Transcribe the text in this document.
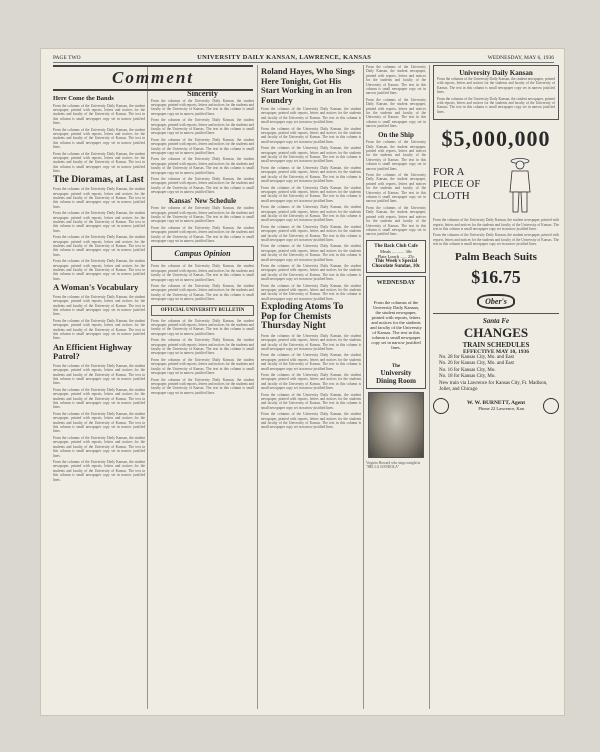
PAGE TWO	UNIVERSITY DAILY KANSAN, LAWRENCE, KANSAS	WEDNESDAY, MAY 6, 1936
Comment
Here Come the Bands

From the columns of the University Daily Kansan, the student newspaper, printed with reports, letters and notices for the students and faculty of the University of Kansas. The text in this column is small newspaper copy set in narrow justified lines.

From the columns of the University Daily Kansan, the student newspaper, printed with reports, letters and notices for the students and faculty of the University of Kansas. The text in this column is small newspaper copy set in narrow justified lines.

From the columns of the University Daily Kansan, the student newspaper, printed with reports, letters and notices for the students and faculty of the University of Kansas. The text in this column is small newspaper copy set in narrow justified lines.

The Dioramas, at Last

From the columns of the University Daily Kansan, the student newspaper, printed with reports, letters and notices for the students and faculty of the University of Kansas. The text in this column is small newspaper copy set in narrow justified lines.

From the columns of the University Daily Kansan, the student newspaper, printed with reports, letters and notices for the students and faculty of the University of Kansas. The text in this column is small newspaper copy set in narrow justified lines.

From the columns of the University Daily Kansan, the student newspaper, printed with reports, letters and notices for the students and faculty of the University of Kansas. The text in this column is small newspaper copy set in narrow justified lines.

From the columns of the University Daily Kansan, the student newspaper, printed with reports, letters and notices for the students and faculty of the University of Kansas. The text in this column is small newspaper copy set in narrow justified lines.

A Woman's Vocabulary

From the columns of the University Daily Kansan, the student newspaper, printed with reports, letters and notices for the students and faculty of the University of Kansas. The text in this column is small newspaper copy set in narrow justified lines.

From the columns of the University Daily Kansan, the student newspaper, printed with reports, letters and notices for the students and faculty of the University of Kansas. The text in this column is small newspaper copy set in narrow justified lines.

An Efficient Highway Patrol?

From the columns of the University Daily Kansan, the student newspaper, printed with reports, letters and notices for the students and faculty of the University of Kansas. The text in this column is small newspaper copy set in narrow justified lines.

From the columns of the University Daily Kansan, the student newspaper, printed with reports, letters and notices for the students and faculty of the University of Kansas. The text in this column is small newspaper copy set in narrow justified lines.

From the columns of the University Daily Kansan, the student newspaper, printed with reports, letters and notices for the students and faculty of the University of Kansas. The text in this column is small newspaper copy set in narrow justified lines.

From the columns of the University Daily Kansan, the student newspaper, printed with reports, letters and notices for the students and faculty of the University of Kansas. The text in this column is small newspaper copy set in narrow justified lines.

From the columns of the University Daily Kansan, the student newspaper, printed with reports, letters and notices for the students and faculty of the University of Kansas. The text in this column is small newspaper copy set in narrow justified lines.

Sincerity

From the columns of the University Daily Kansan, the student newspaper, printed with reports, letters and notices for the students and faculty of the University of Kansas. The text in this column is small newspaper copy set in narrow justified lines.

From the columns of the University Daily Kansan, the student newspaper, printed with reports, letters and notices for the students and faculty of the University of Kansas. The text in this column is small newspaper copy set in narrow justified lines.

From the columns of the University Daily Kansan, the student newspaper, printed with reports, letters and notices for the students and faculty of the University of Kansas. The text in this column is small newspaper copy set in narrow justified lines.

From the columns of the University Daily Kansan, the student newspaper, printed with reports, letters and notices for the students and faculty of the University of Kansas. The text in this column is small newspaper copy set in narrow justified lines.

From the columns of the University Daily Kansan, the student newspaper, printed with reports, letters and notices for the students and faculty of the University of Kansas. The text in this column is small newspaper copy set in narrow justified lines.

Kansas' New Schedule

From the columns of the University Daily Kansan, the student newspaper, printed with reports, letters and notices for the students and faculty of the University of Kansas. The text in this column is small newspaper copy set in narrow justified lines.

From the columns of the University Daily Kansan, the student newspaper, printed with reports, letters and notices for the students and faculty of the University of Kansas. The text in this column is small newspaper copy set in narrow justified lines.

Campus Opinion

From the columns of the University Daily Kansan, the student newspaper, printed with reports, letters and notices for the students and faculty of the University of Kansas. The text in this column is small newspaper copy set in narrow justified lines.

From the columns of the University Daily Kansan, the student newspaper, printed with reports, letters and notices for the students and faculty of the University of Kansas. The text in this column is small newspaper copy set in narrow justified lines.

OFFICIAL UNIVERSITY BULLETIN

From the columns of the University Daily Kansan, the student newspaper, printed with reports, letters and notices for the students and faculty of the University of Kansas. The text in this column is small newspaper copy set in narrow justified lines.

From the columns of the University Daily Kansan, the student newspaper, printed with reports, letters and notices for the students and faculty of the University of Kansas. The text in this column is small newspaper copy set in narrow justified lines.

From the columns of the University Daily Kansan, the student newspaper, printed with reports, letters and notices for the students and faculty of the University of Kansas. The text in this column is small newspaper copy set in narrow justified lines.

From the columns of the University Daily Kansan, the student newspaper, printed with reports, letters and notices for the students and faculty of the University of Kansas. The text in this column is small newspaper copy set in narrow justified lines.

Roland Hayes, Who Sings Here Tonight, Got His Start Working in an Iron Foundry

From the columns of the University Daily Kansan, the student newspaper, printed with reports, letters and notices for the students and faculty of the University of Kansas. The text in this column is small newspaper copy set in narrow justified lines.

From the columns of the University Daily Kansan, the student newspaper, printed with reports, letters and notices for the students and faculty of the University of Kansas. The text in this column is small newspaper copy set in narrow justified lines.

From the columns of the University Daily Kansan, the student newspaper, printed with reports, letters and notices for the students and faculty of the University of Kansas. The text in this column is small newspaper copy set in narrow justified lines.

From the columns of the University Daily Kansan, the student newspaper, printed with reports, letters and notices for the students and faculty of the University of Kansas. The text in this column is small newspaper copy set in narrow justified lines.

From the columns of the University Daily Kansan, the student newspaper, printed with reports, letters and notices for the students and faculty of the University of Kansas. The text in this column is small newspaper copy set in narrow justified lines.

From the columns of the University Daily Kansan, the student newspaper, printed with reports, letters and notices for the students and faculty of the University of Kansas. The text in this column is small newspaper copy set in narrow justified lines.

From the columns of the University Daily Kansan, the student newspaper, printed with reports, letters and notices for the students and faculty of the University of Kansas. The text in this column is small newspaper copy set in narrow justified lines.

From the columns of the University Daily Kansan, the student newspaper, printed with reports, letters and notices for the students and faculty of the University of Kansas. The text in this column is small newspaper copy set in narrow justified lines.

From the columns of the University Daily Kansan, the student newspaper, printed with reports, letters and notices for the students and faculty of the University of Kansas. The text in this column is small newspaper copy set in narrow justified lines.

From the columns of the University Daily Kansan, the student newspaper, printed with reports, letters and notices for the students and faculty of the University of Kansas. The text in this column is small newspaper copy set in narrow justified lines.

Exploding Atoms To Pop for Chemists Thursday Night

From the columns of the University Daily Kansan, the student newspaper, printed with reports, letters and notices for the students and faculty of the University of Kansas. The text in this column is small newspaper copy set in narrow justified lines.

From the columns of the University Daily Kansan, the student newspaper, printed with reports, letters and notices for the students and faculty of the University of Kansas. The text in this column is small newspaper copy set in narrow justified lines.

From the columns of the University Daily Kansan, the student newspaper, printed with reports, letters and notices for the students and faculty of the University of Kansas. The text in this column is small newspaper copy set in narrow justified lines.

From the columns of the University Daily Kansan, the student newspaper, printed with reports, letters and notices for the students and faculty of the University of Kansas. The text in this column is small newspaper copy set in narrow justified lines.

From the columns of the University Daily Kansan, the student newspaper, printed with reports, letters and notices for the students and faculty of the University of Kansas. The text in this column is small newspaper copy set in narrow justified lines.

From the columns of the University Daily Kansan, the student newspaper, printed with reports, letters and notices for the students and faculty of the University of Kansas. The text in this column is small newspaper copy set in narrow justified lines.

From the columns of the University Daily Kansan, the student newspaper, printed with reports, letters and notices for the students and faculty of the University of Kansas. The text in this column is small newspaper copy set in narrow justified lines.

On the Ship

From the columns of the University Daily Kansan, the student newspaper, printed with reports, letters and notices for the students and faculty of the University of Kansas. The text in this column is small newspaper copy set in narrow justified lines.

From the columns of the University Daily Kansan, the student newspaper, printed with reports, letters and notices for the students and faculty of the University of Kansas. The text in this column is small newspaper copy set in narrow justified lines.

From the columns of the University Daily Kansan, the student newspaper, printed with reports, letters and notices for the students and faculty of the University of Kansas. The text in this column is small newspaper copy set in narrow justified lines.

The Back Club Cafe
Meals ........... 30c
Plate Lunch ...... 25c
This Week's Special Chocolate Sundae, 10c
WEDNESDAY
From the columns of the University Daily Kansan, the student newspaper, printed with reports, letters and notices for the students and faculty of the University of Kansas. The text in this column is small newspaper copy set in narrow justified lines.
The
University
Dining Room

Virginia Howard who sings tonight in "HELLA GONDOLA"

University Daily Kansan

From the columns of the University Daily Kansan, the student newspaper, printed with reports, letters and notices for the students and faculty of the University of Kansas. The text in this column is small newspaper copy set in narrow justified lines.

From the columns of the University Daily Kansan, the student newspaper, printed with reports, letters and notices for the students and faculty of the University of Kansas. The text in this column is small newspaper copy set in narrow justified lines.

$5,000,000
FOR A
PIECE OF
CLOTH

From the columns of the University Daily Kansan, the student newspaper, printed with reports, letters and notices for the students and faculty of the University of Kansas. The text in this column is small newspaper copy set in narrow justified lines.

From the columns of the University Daily Kansan, the student newspaper, printed with reports, letters and notices for the students and faculty of the University of Kansas. The text in this column is small newspaper copy set in narrow justified lines.

Palm Beach Suits
$16.75
Ober's
Santa Fe
CHANGES
TRAIN SCHEDULES
EFFECTIVE MAY 10, 1936
No. 28 for Kansas City, Mo. and East
No. 26 for Kansas City, Mo. and East
No. 16 for Kansas City, Mo.
No. 18 for Kansas City, Mo.
New train via Lawrence for Kansas City, Ft. Madison, Joliet, and Chicago
W. W. BURNETT, Agent
Phone 22 Lawrence, Kan.
